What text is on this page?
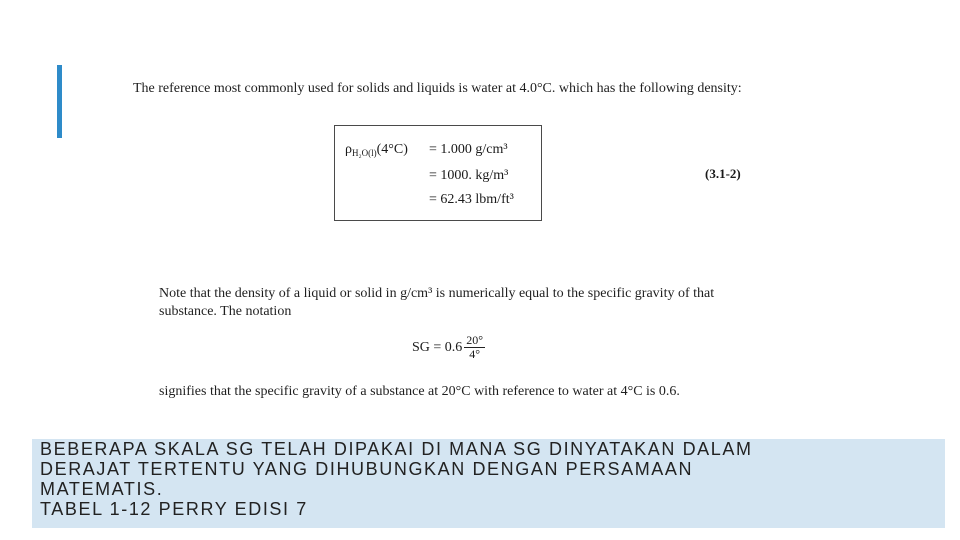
The reference most commonly used for solids and liquids is water at 4.0°C. which has the following density:
$\rho_{H_2O(l)}(4^\circ C) = 1.000$ g/cm³
= 1000. kg/m³
= 62.43 lbm/ft³
(3.1-2)
Note that the density of a liquid or solid in g/cm³ is numerically equal to the specific gravity of that substance. The notation
SG = $0.6 \frac{20^\circ}{4^\circ}$
signifies that the specific gravity of a substance at 20°C with reference to water at 4°C is 0.6.
BEBERAPA SKALA SG TELAH DIPAKAI DI MANA SG DINYATAKAN DALAM
DERAJAT TERTENTU YANG DIHUBUNGKAN DENGAN PERSAMAAN
MATEMATIS.
TABEL 1-12 PERRY EDISI 7
